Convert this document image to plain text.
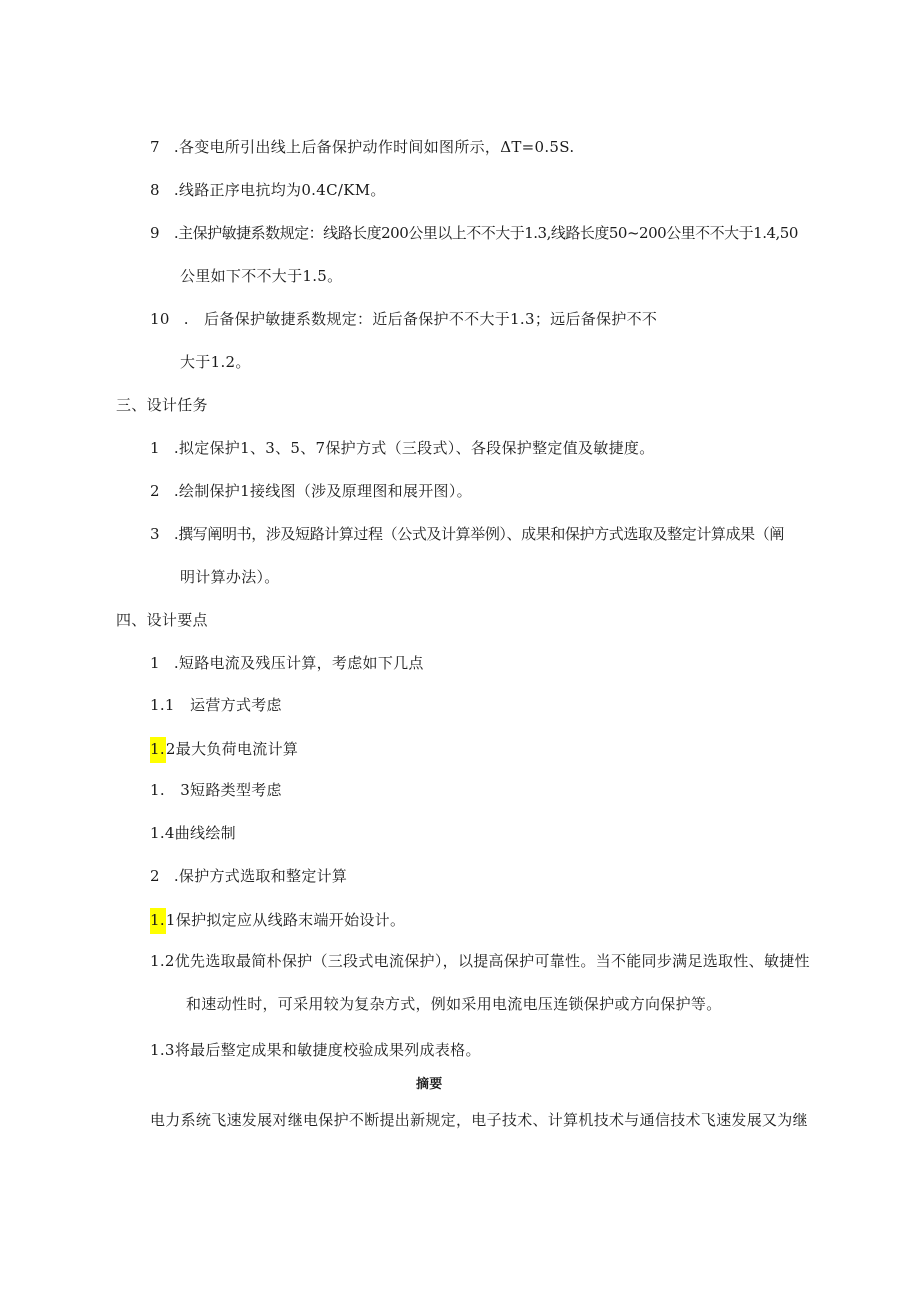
7 .各变电所引出线上后备保护动作时间如图所示，ΔT=0.5S.
8 .线路正序电抗均为0.4C/KM。
9 .主保护敏捷系数规定：线路长度200公里以上不不大于1.3,线路长度50~200公里不不大于1.4,50
公里如下不不大于1.5。
10 .　后备保护敏捷系数规定：近后备保护不不大于1.3；远后备保护不不
大于1.2。
三、设计任务
1 .拟定保护1、3、5、7保护方式（三段式）、各段保护整定值及敏捷度。
2 .绘制保护1接线图（涉及原理图和展开图）。
3 .撰写阐明书，涉及短路计算过程（公式及计算举例）、成果和保护方式选取及整定计算成果（阐
明计算办法）。
四、设计要点
1 .短路电流及残压计算，考虑如下几点
1.1　运营方式考虑
1.2最大负荷电流计算
1.　3短路类型考虑
1.4曲线绘制
2 .保护方式选取和整定计算
1.1保护拟定应从线路末端开始设计。
1.2优先选取最简朴保护（三段式电流保护），以提高保护可靠性。当不能同步满足选取性、敏捷性
和速动性时，可采用较为复杂方式，例如采用电流电压连锁保护或方向保护等。
1.3将最后整定成果和敏捷度校验成果列成表格。
摘要
电力系统飞速发展对继电保护不断提出新规定，电子技术、计算机技术与通信技术飞速发展又为继
